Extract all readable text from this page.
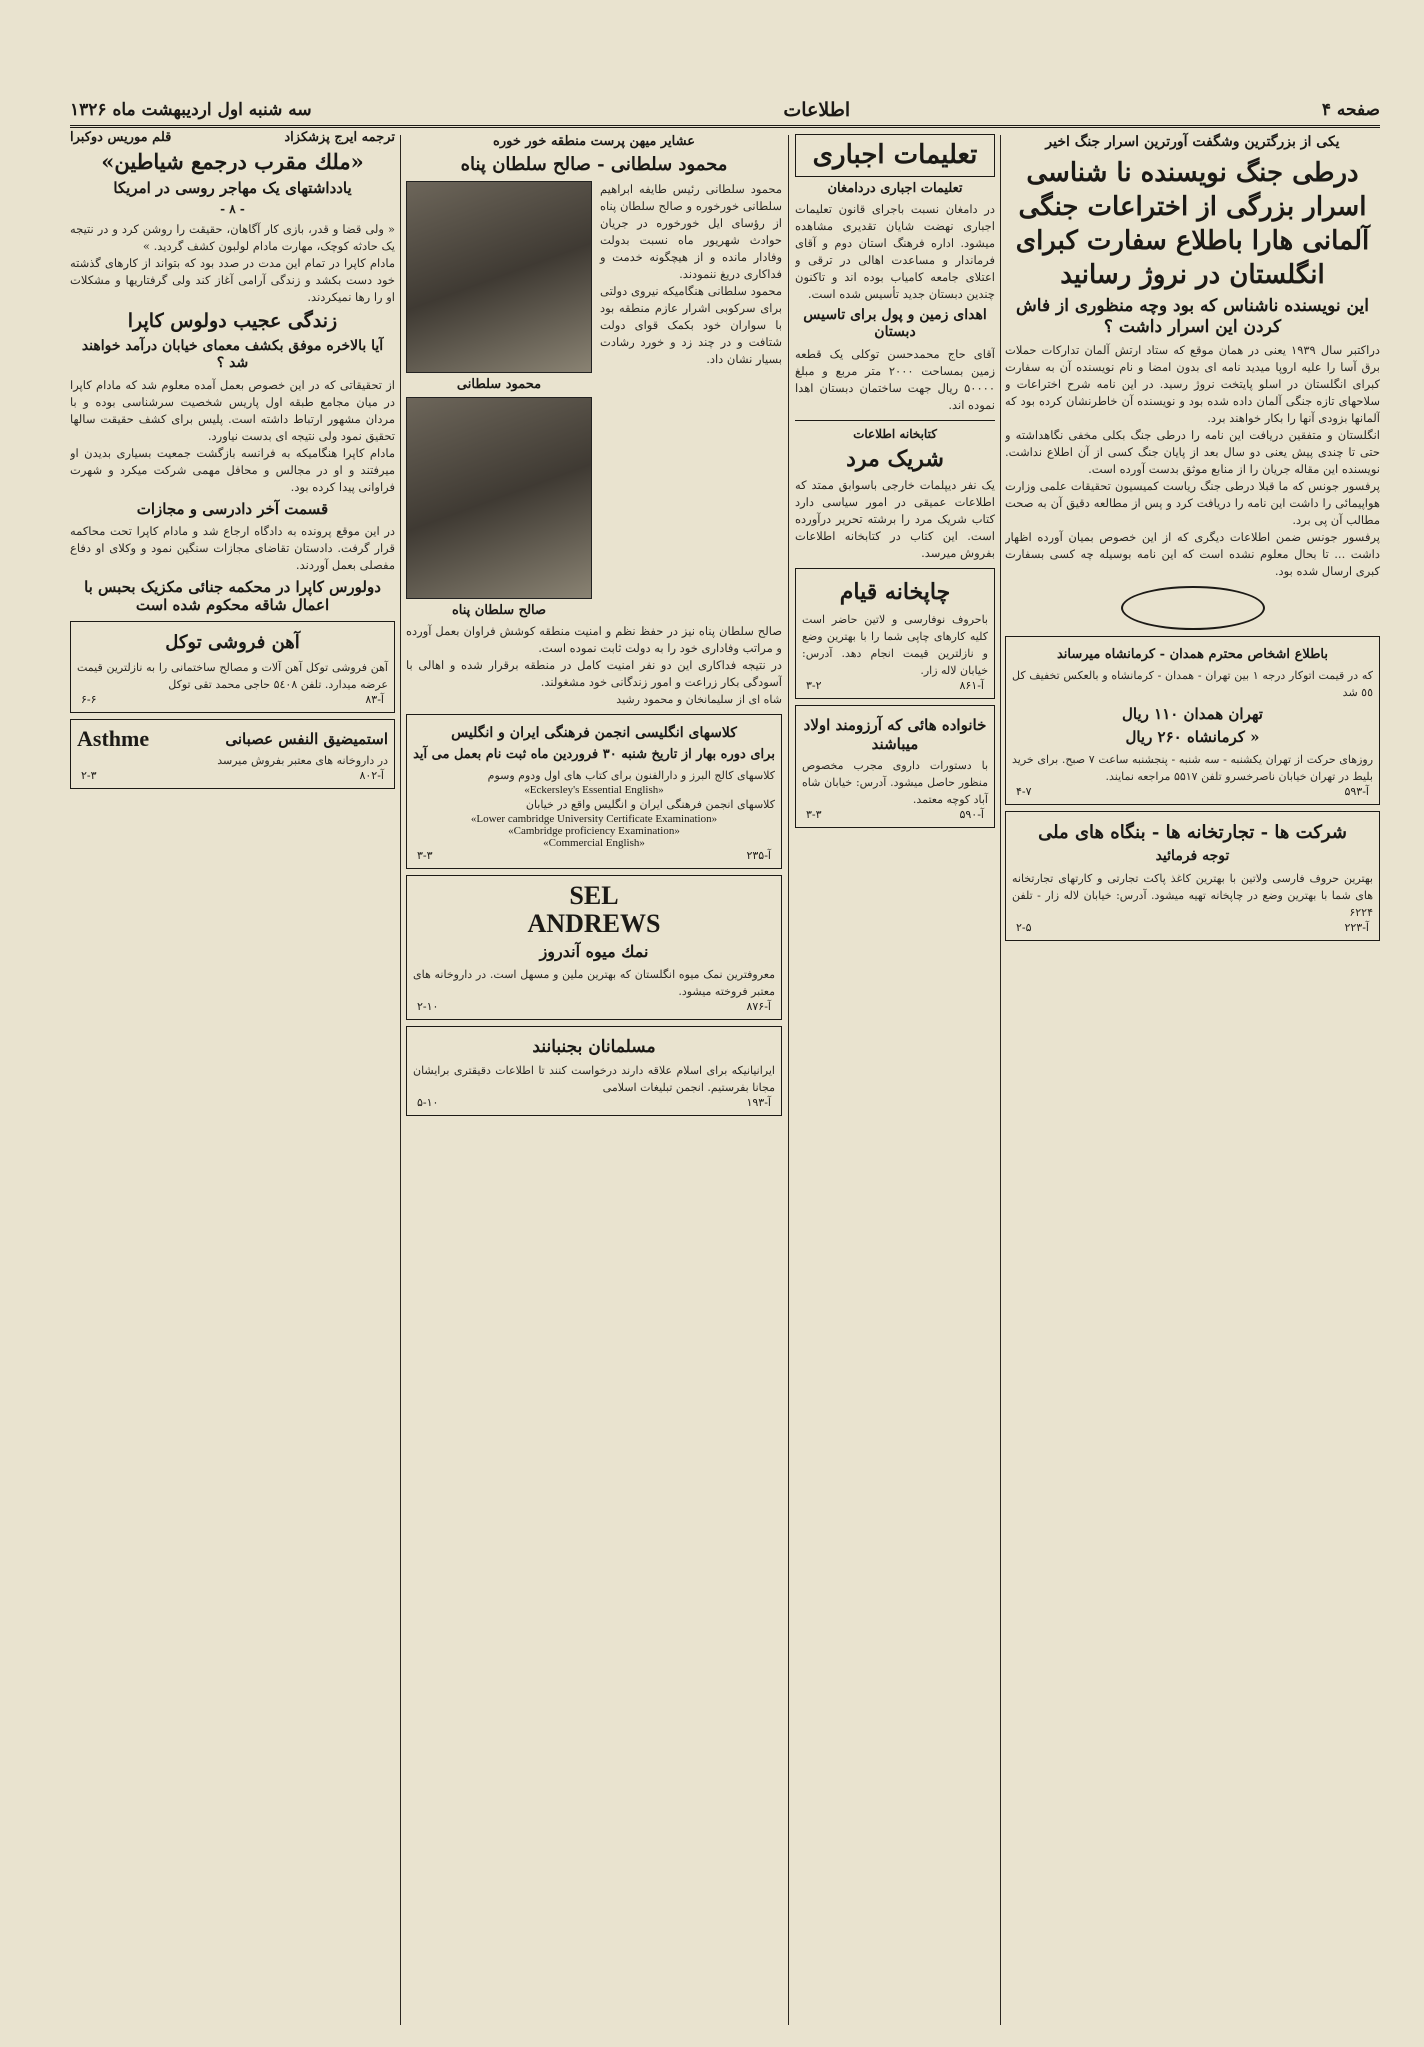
صفحه ۴
اطلاعات
سه شنبه اول اردیبهشت ماه ۱۳۲۶
یکی از بزرگترین وشگفت آورترین اسرار جنگ اخیر
درطی جنگ نویسنده نا شناسی اسرار بزرگی از اختراعات جنگی آلمانی هارا باطلاع سفارت کبرای انگلستان در نروژ رسانید
این نویسنده ناشناس که بود وچه منظوری از فاش کردن این اسرار داشت ؟
دراکتبر سال ۱۹۳۹ یعنی در همان موقع که ستاد ارتش آلمان تدارکات حملات برق آسا را علیه اروپا میدید نامه ای بدون امضا و نام نویسنده آن به سفارت کبرای انگلستان در اسلو پایتخت نروژ رسید. در این نامه شرح اختراعات و سلاحهای تازه جنگی آلمان داده شده بود و نویسنده آن خاطرنشان کرده بود که آلمانها بزودی آنها را بکار خواهند برد.
انگلستان و متفقین دریافت این نامه را درطی جنگ بکلی مخفی نگاهداشته و حتی تا چندی پیش یعنی دو سال بعد از پایان جنگ کسی از آن اطلاع نداشت. نویسنده این مقاله جریان را از منابع موثق بدست آورده است.
پرفسور جونس که ما قبلا درطی جنگ ریاست کمیسیون تحقیقات علمی وزارت هواپیمائی را داشت این نامه را دریافت کرد و پس از مطالعه دقیق آن به صحت مطالب آن پی برد.
پرفسور جونس ضمن اطلاعات دیگری که از این خصوص بمیان آورده اظهار داشت ... تا بحال معلوم نشده است که این نامه بوسیله چه کسی بسفارت کبری ارسال شده بود.
باطلاع اشخاص محترم همدان - کرمانشاه میرساند
که در قیمت اتوکار درجه ۱ بین تهران - همدان - کرمانشاه و بالعکس تخفیف کل ٥٥ شد
تهران همدان ۱۱۰ ریال
« کرمانشاه ۲۶۰ ریال
روزهای حرکت از تهران یکشنبه - سه شنبه - پنجشنبه ساعت ۷ صبح. برای خرید بلیط در تهران خیابان ناصرخسرو تلفن ۵۵۱۷ مراجعه نمایند.
۴-۷	آ-۵۹۳
شرکت ها - تجارتخانه ها - بنگاه های ملی
توجه فرمائید
بهترین حروف فارسی ولاتین با بهترین کاغذ پاکت تجارتی و کارتهای تجارتخانه های شما با بهترین وضع در چاپخانه تهیه میشود. آدرس: خیابان لاله زار - تلفن ۶۲۲۴
۲-۵	آ-۲۲۳
تعلیمات اجباری
تعلیمات اجباری دردامغان
در دامغان نسبت باجرای قانون تعلیمات اجباری نهضت شایان تقدیری مشاهده میشود. اداره فرهنگ استان دوم و آقای فرماندار و مساعدت اهالی در ترقی و اعتلای جامعه کامیاب بوده اند و تاکنون چندین دبستان جدید تأسیس شده است.
اهدای زمین و پول برای تاسیس دبستان
آقای حاج محمدحسن توکلی یک قطعه زمین بمساحت ۲۰۰۰ متر مربع و مبلغ ۵۰۰۰۰ ریال جهت ساختمان دبستان اهدا نموده اند.
کتابخانه اطلاعات
شریک مرد
یک نفر دیپلمات خارجی باسوابق ممتد که اطلاعات عمیقی در امور سیاسی دارد کتاب شریک مرد را برشته تحریر درآورده است. این کتاب در کتابخانه اطلاعات بفروش میرسد.
چاپخانه قیام
باحروف نوفارسی و لاتین حاضر است کلیه کارهای چاپی شما را با بهترین وضع و نازلترین قیمت انجام دهد. آدرس: خیابان لاله زار.
۳-۲	آ-۸۶۱
خانواده هائی که آرزومند اولاد میباشند
با دستورات داروی مجرب مخصوص منظور حاصل میشود. آدرس: خیابان شاه آباد کوچه معتمد.
۳-۳	آ-۵۹۰
عشایر میهن پرست منطقه خور خوره
محمود سلطانی - صالح سلطان پناه
محمود سلطانی رئیس طایفه ابراهیم سلطانی خورخوره و صالح سلطان پناه از رؤسای ایل خورخوره در جریان حوادث شهریور ماه نسبت بدولت وفادار مانده و از هیچگونه خدمت و فداکاری دریغ ننمودند.
محمود سلطانی هنگامیکه نیروی دولتی برای سرکوبی اشرار عازم منطقه بود با سواران خود بکمک قوای دولت شتافت و در چند زد و خورد رشادت بسیار نشان داد.
محمود سلطانی
صالح سلطان پناه
صالح سلطان پناه نیز در حفظ نظم و امنیت منطقه کوشش فراوان بعمل آورده و مراتب وفاداری خود را به دولت ثابت نموده است.
در نتیجه فداکاری این دو نفر امنیت کامل در منطقه برقرار شده و اهالی با آسودگی بکار زراعت و امور زندگانی خود مشغولند.
شاه ای از سلیمانخان و محمود رشید
کلاسهای انگلیسی انجمن فرهنگی ایران و انگلیس
برای دوره بهار از تاریخ شنبه ۳۰ فروردین ماه ثبت نام بعمل می آید
کلاسهای کالج البرز و دارالفنون برای کتاب های اول ودوم وسوم
«Eckersley's Essential English»
کلاسهای انجمن فرهنگی ایران و انگلیس واقع در خیابان
«Lower cambridge University Certificate Examination»
«Cambridge proficiency Examination»
«Commercial English»
۳-۳	آ-۲۳۵
SEL
ANDREWS
نمك ميوه آندروز
معروفترین نمک میوه انگلستان که بهترین ملین و مسهل است. در داروخانه های معتبر فروخته میشود.
۲-۱۰	آ-۸۷۶
مسلمانان بجنبانند
ایرانیانیکه برای اسلام علاقه دارند درخواست کنند تا اطلاعات دقیقتری برایشان مجانا بفرستیم. انجمن تبلیغات اسلامی
۵-۱۰	آ-۱۹۳
ترجمه ایرج پزشکزاد
قلم موریس دوکبرا
«ملك مقرب درجمع شیاطین»
یادداشتهای یک مهاجر روسی در امریکا
- ۸ -
« ولی قضا و قدر، بازی کار آگاهان، حقیقت را روشن کرد و در نتیجه یک حادثه کوچک، مهارت مادام لولبون کشف گردید. »
مادام کاپرا در تمام این مدت در صدد بود که بتواند از کارهای گذشته خود دست بکشد و زندگی آرامی آغاز کند ولی گرفتاریها و مشکلات او را رها نمیکردند.
زندگی عجیب دولوس کاپرا
آیا بالاخره موفق بکشف معمای خیابان درآمد خواهند شد ؟
از تحقیقاتی که در این خصوص بعمل آمده معلوم شد که مادام کاپرا در میان مجامع طبقه اول پاریس شخصیت سرشناسی بوده و با مردان مشهور ارتباط داشته است. پلیس برای کشف حقیقت سالها تحقیق نمود ولی نتیجه ای بدست نیاورد.
مادام کاپرا هنگامیکه به فرانسه بازگشت جمعیت بسیاری بدیدن او میرفتند و او در مجالس و محافل مهمی شرکت میکرد و شهرت فراوانی پیدا کرده بود.
قسمت آخر دادرسی و مجازات
در این موقع پرونده به دادگاه ارجاع شد و مادام کاپرا تحت محاکمه قرار گرفت. دادستان تقاضای مجازات سنگین نمود و وکلای او دفاع مفصلی بعمل آوردند.
دولورس کاپرا در محکمه جنائی مکزیک بحبس با اعمال شاقه محکوم شده است
آهن فروشی توکل
آهن فروشی توکل آهن آلات و مصالح ساختمانی را به نازلترین قیمت عرضه میدارد. تلفن ۵٤۰۸ حاجی محمد تقی توکل
۶-۶	آ-۸۳
استمیضیق النفس عصبانی
Asthme
در داروخانه های معتبر بفروش میرسد
۲-۳	آ-۸۰۲
